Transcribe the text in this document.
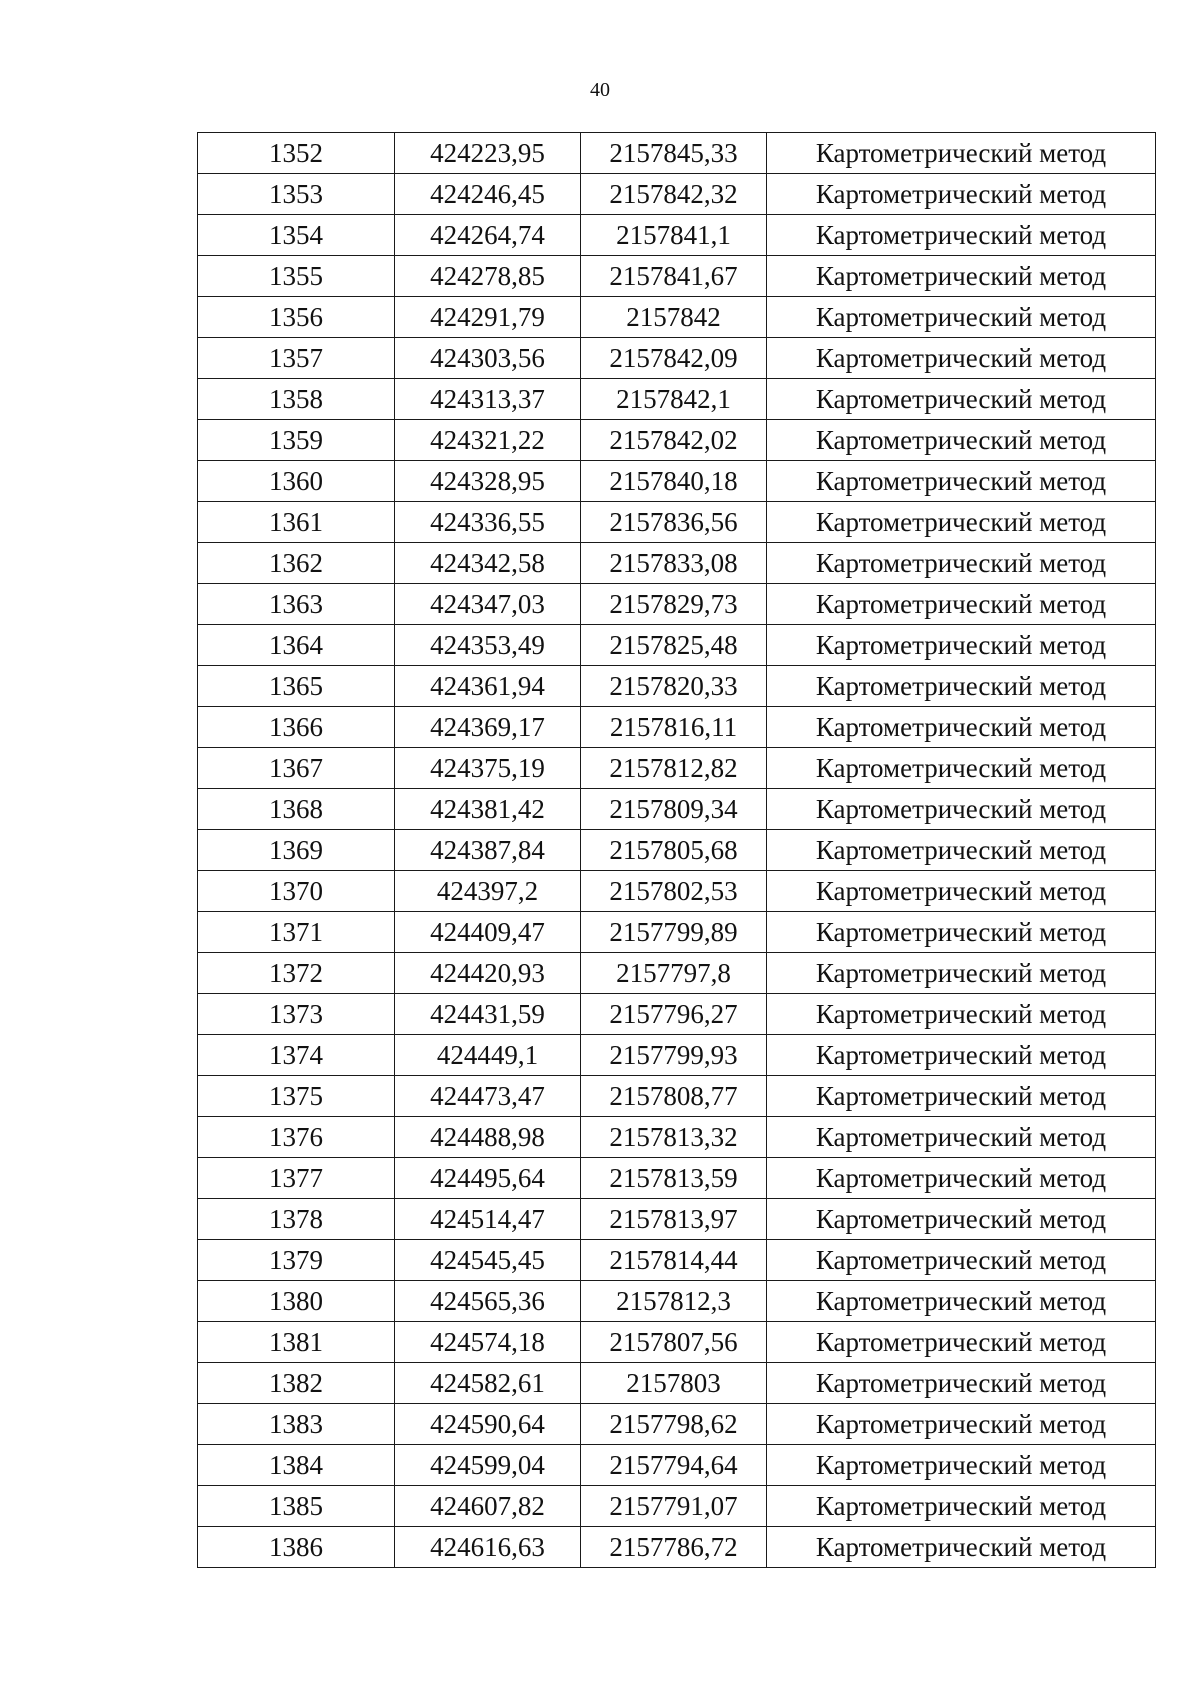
40
1352	424223,95	2157845,33	Картометрический метод
1353	424246,45	2157842,32	Картометрический метод
1354	424264,74	2157841,1	Картометрический метод
1355	424278,85	2157841,67	Картометрический метод
1356	424291,79	2157842	Картометрический метод
1357	424303,56	2157842,09	Картометрический метод
1358	424313,37	2157842,1	Картометрический метод
1359	424321,22	2157842,02	Картометрический метод
1360	424328,95	2157840,18	Картометрический метод
1361	424336,55	2157836,56	Картометрический метод
1362	424342,58	2157833,08	Картометрический метод
1363	424347,03	2157829,73	Картометрический метод
1364	424353,49	2157825,48	Картометрический метод
1365	424361,94	2157820,33	Картометрический метод
1366	424369,17	2157816,11	Картометрический метод
1367	424375,19	2157812,82	Картометрический метод
1368	424381,42	2157809,34	Картометрический метод
1369	424387,84	2157805,68	Картометрический метод
1370	424397,2	2157802,53	Картометрический метод
1371	424409,47	2157799,89	Картометрический метод
1372	424420,93	2157797,8	Картометрический метод
1373	424431,59	2157796,27	Картометрический метод
1374	424449,1	2157799,93	Картометрический метод
1375	424473,47	2157808,77	Картометрический метод
1376	424488,98	2157813,32	Картометрический метод
1377	424495,64	2157813,59	Картометрический метод
1378	424514,47	2157813,97	Картометрический метод
1379	424545,45	2157814,44	Картометрический метод
1380	424565,36	2157812,3	Картометрический метод
1381	424574,18	2157807,56	Картометрический метод
1382	424582,61	2157803	Картометрический метод
1383	424590,64	2157798,62	Картометрический метод
1384	424599,04	2157794,64	Картометрический метод
1385	424607,82	2157791,07	Картометрический метод
1386	424616,63	2157786,72	Картометрический метод
